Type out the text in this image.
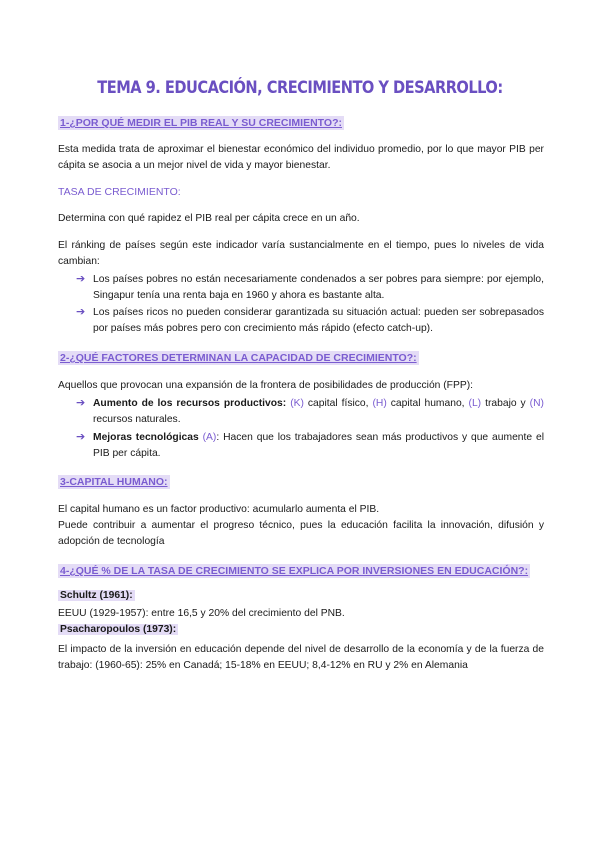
TEMA 9. EDUCACIÓN, CRECIMIENTO Y DESARROLLO:
1-¿POR QUÉ MEDIR EL PIB REAL Y SU CRECIMIENTO?:
Esta medida trata de aproximar el bienestar económico del individuo promedio, por lo que mayor PIB per cápita se asocia a un mejor nivel de vida y mayor bienestar.
TASA DE CRECIMIENTO:
Determina con qué rapidez el PIB real per cápita crece en un año.
El ránking de países según este indicador varía sustancialmente en el tiempo, pues lo niveles de vida cambian:
➔ Los países pobres no están necesariamente condenados a ser pobres para siempre: por ejemplo, Singapur tenía una renta baja en 1960 y ahora es bastante alta.
➔ Los países ricos no pueden considerar garantizada su situación actual: pueden ser sobrepasados por países más pobres pero con crecimiento más rápido (efecto catch-up).
2-¿QUÉ FACTORES DETERMINAN LA CAPACIDAD DE CRECIMIENTO?:
Aquellos que provocan una expansión de la frontera de posibilidades de producción (FPP):
➔ Aumento de los recursos productivos: (K) capital físico, (H) capital humano, (L) trabajo y (N) recursos naturales.
➔ Mejoras tecnológicas (A): Hacen que los trabajadores sean más productivos y que aumente el PIB per cápita.
3-CAPITAL HUMANO:
El capital humano es un factor productivo: acumularlo aumenta el PIB.
Puede contribuir a aumentar el progreso técnico, pues la educación facilita la innovación, difusión y adopción de tecnología
4-¿QUÉ % DE LA TASA DE CRECIMIENTO SE EXPLICA POR INVERSIONES EN EDUCACIÓN?:
Schultz (1961):
EEUU (1929-1957): entre 16,5 y 20% del crecimiento del PNB.
Psacharopoulos (1973):
El impacto de la inversión en educación depende del nivel de desarrollo de la economía y de la fuerza de trabajo: (1960-65): 25% en Canadá; 15-18% en EEUU; 8,4-12% en RU y 2% en Alemania
